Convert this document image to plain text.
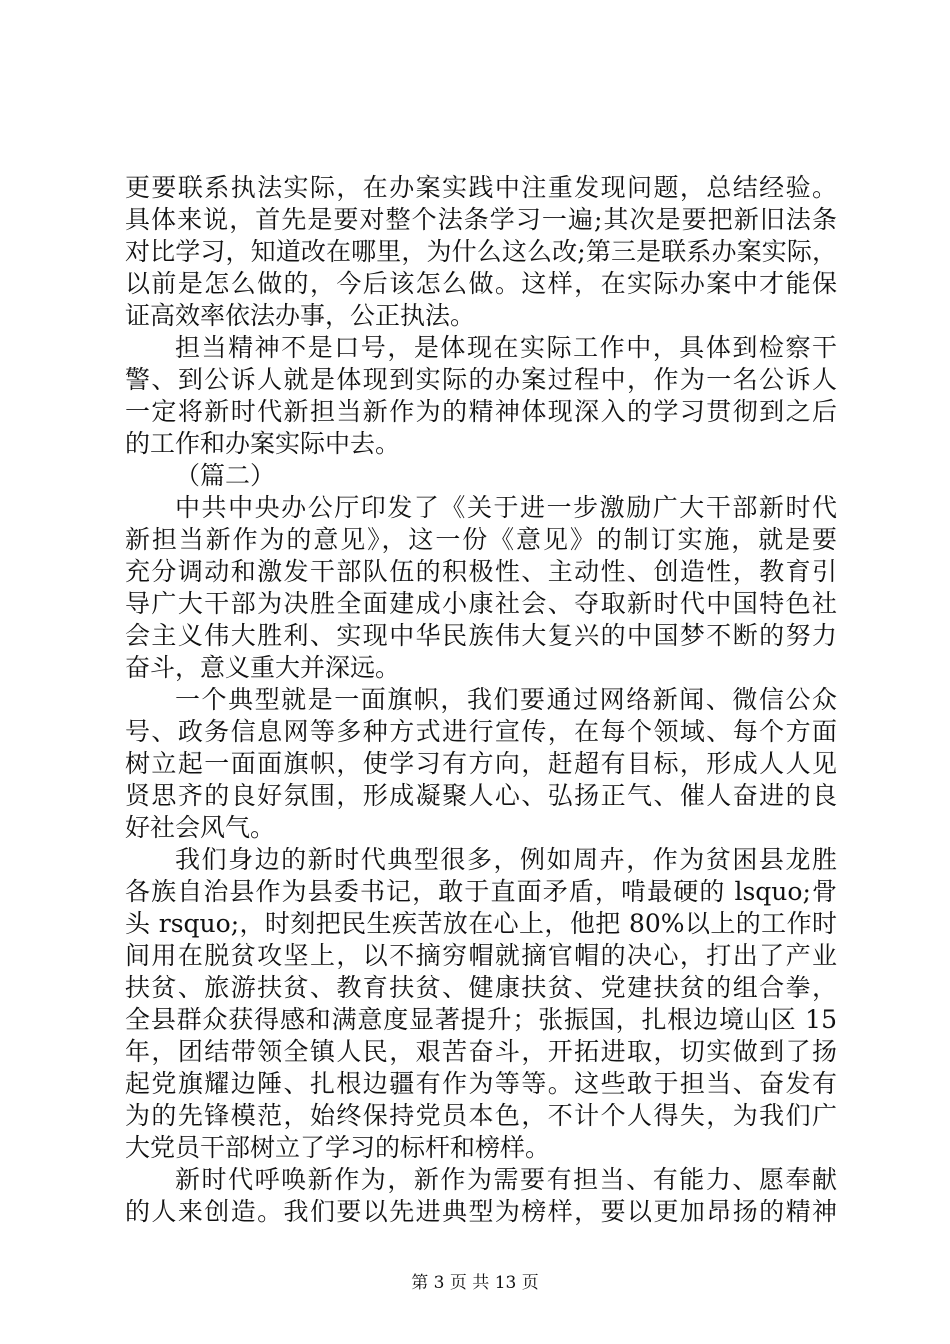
更要联系执法实际，在办案实践中注重发现问题，总结经验。
具体来说，首先是要对整个法条学习一遍;其次是要把新旧法条
对比学习，知道改在哪里，为什么这么改;第三是联系办案实际，
以前是怎么做的，今后该怎么做。这样，在实际办案中才能保
证高效率依法办事，公正执法。
担当精神不是口号，是体现在实际工作中，具体到检察干
警、到公诉人就是体现到实际的办案过程中，作为一名公诉人
一定将新时代新担当新作为的精神体现深入的学习贯彻到之后
的工作和办案实际中去。
（篇二）
中共中央办公厅印发了《关于进一步激励广大干部新时代
新担当新作为的意见》，这一份《意见》的制订实施，就是要
充分调动和激发干部队伍的积极性、主动性、创造性，教育引
导广大干部为决胜全面建成小康社会、夺取新时代中国特色社
会主义伟大胜利、实现中华民族伟大复兴的中国梦不断的努力
奋斗，意义重大并深远。
一个典型就是一面旗帜，我们要通过网络新闻、微信公众
号、政务信息网等多种方式进行宣传，在每个领域、每个方面
树立起一面面旗帜，使学习有方向，赶超有目标，形成人人见
贤思齐的良好氛围，形成凝聚人心、弘扬正气、催人奋进的良
好社会风气。
我们身边的新时代典型很多，例如周卉，作为贫困县龙胜
各族自治县作为县委书记，敢于直面矛盾，啃最硬的 lsquo;骨
头 rsquo;，时刻把民生疾苦放在心上，他把 80%以上的工作时
间用在脱贫攻坚上，以不摘穷帽就摘官帽的决心，打出了产业
扶贫、旅游扶贫、教育扶贫、健康扶贫、党建扶贫的组合拳，
全县群众获得感和满意度显著提升；张振国，扎根边境山区 15
年，团结带领全镇人民，艰苦奋斗，开拓进取，切实做到了扬
起党旗耀边陲、扎根边疆有作为等等。这些敢于担当、奋发有
为的先锋模范，始终保持党员本色，不计个人得失，为我们广
大党员干部树立了学习的标杆和榜样。
新时代呼唤新作为，新作为需要有担当、有能力、愿奉献
的人来创造。我们要以先进典型为榜样，要以更加昂扬的精神
第 3 页 共 13 页
